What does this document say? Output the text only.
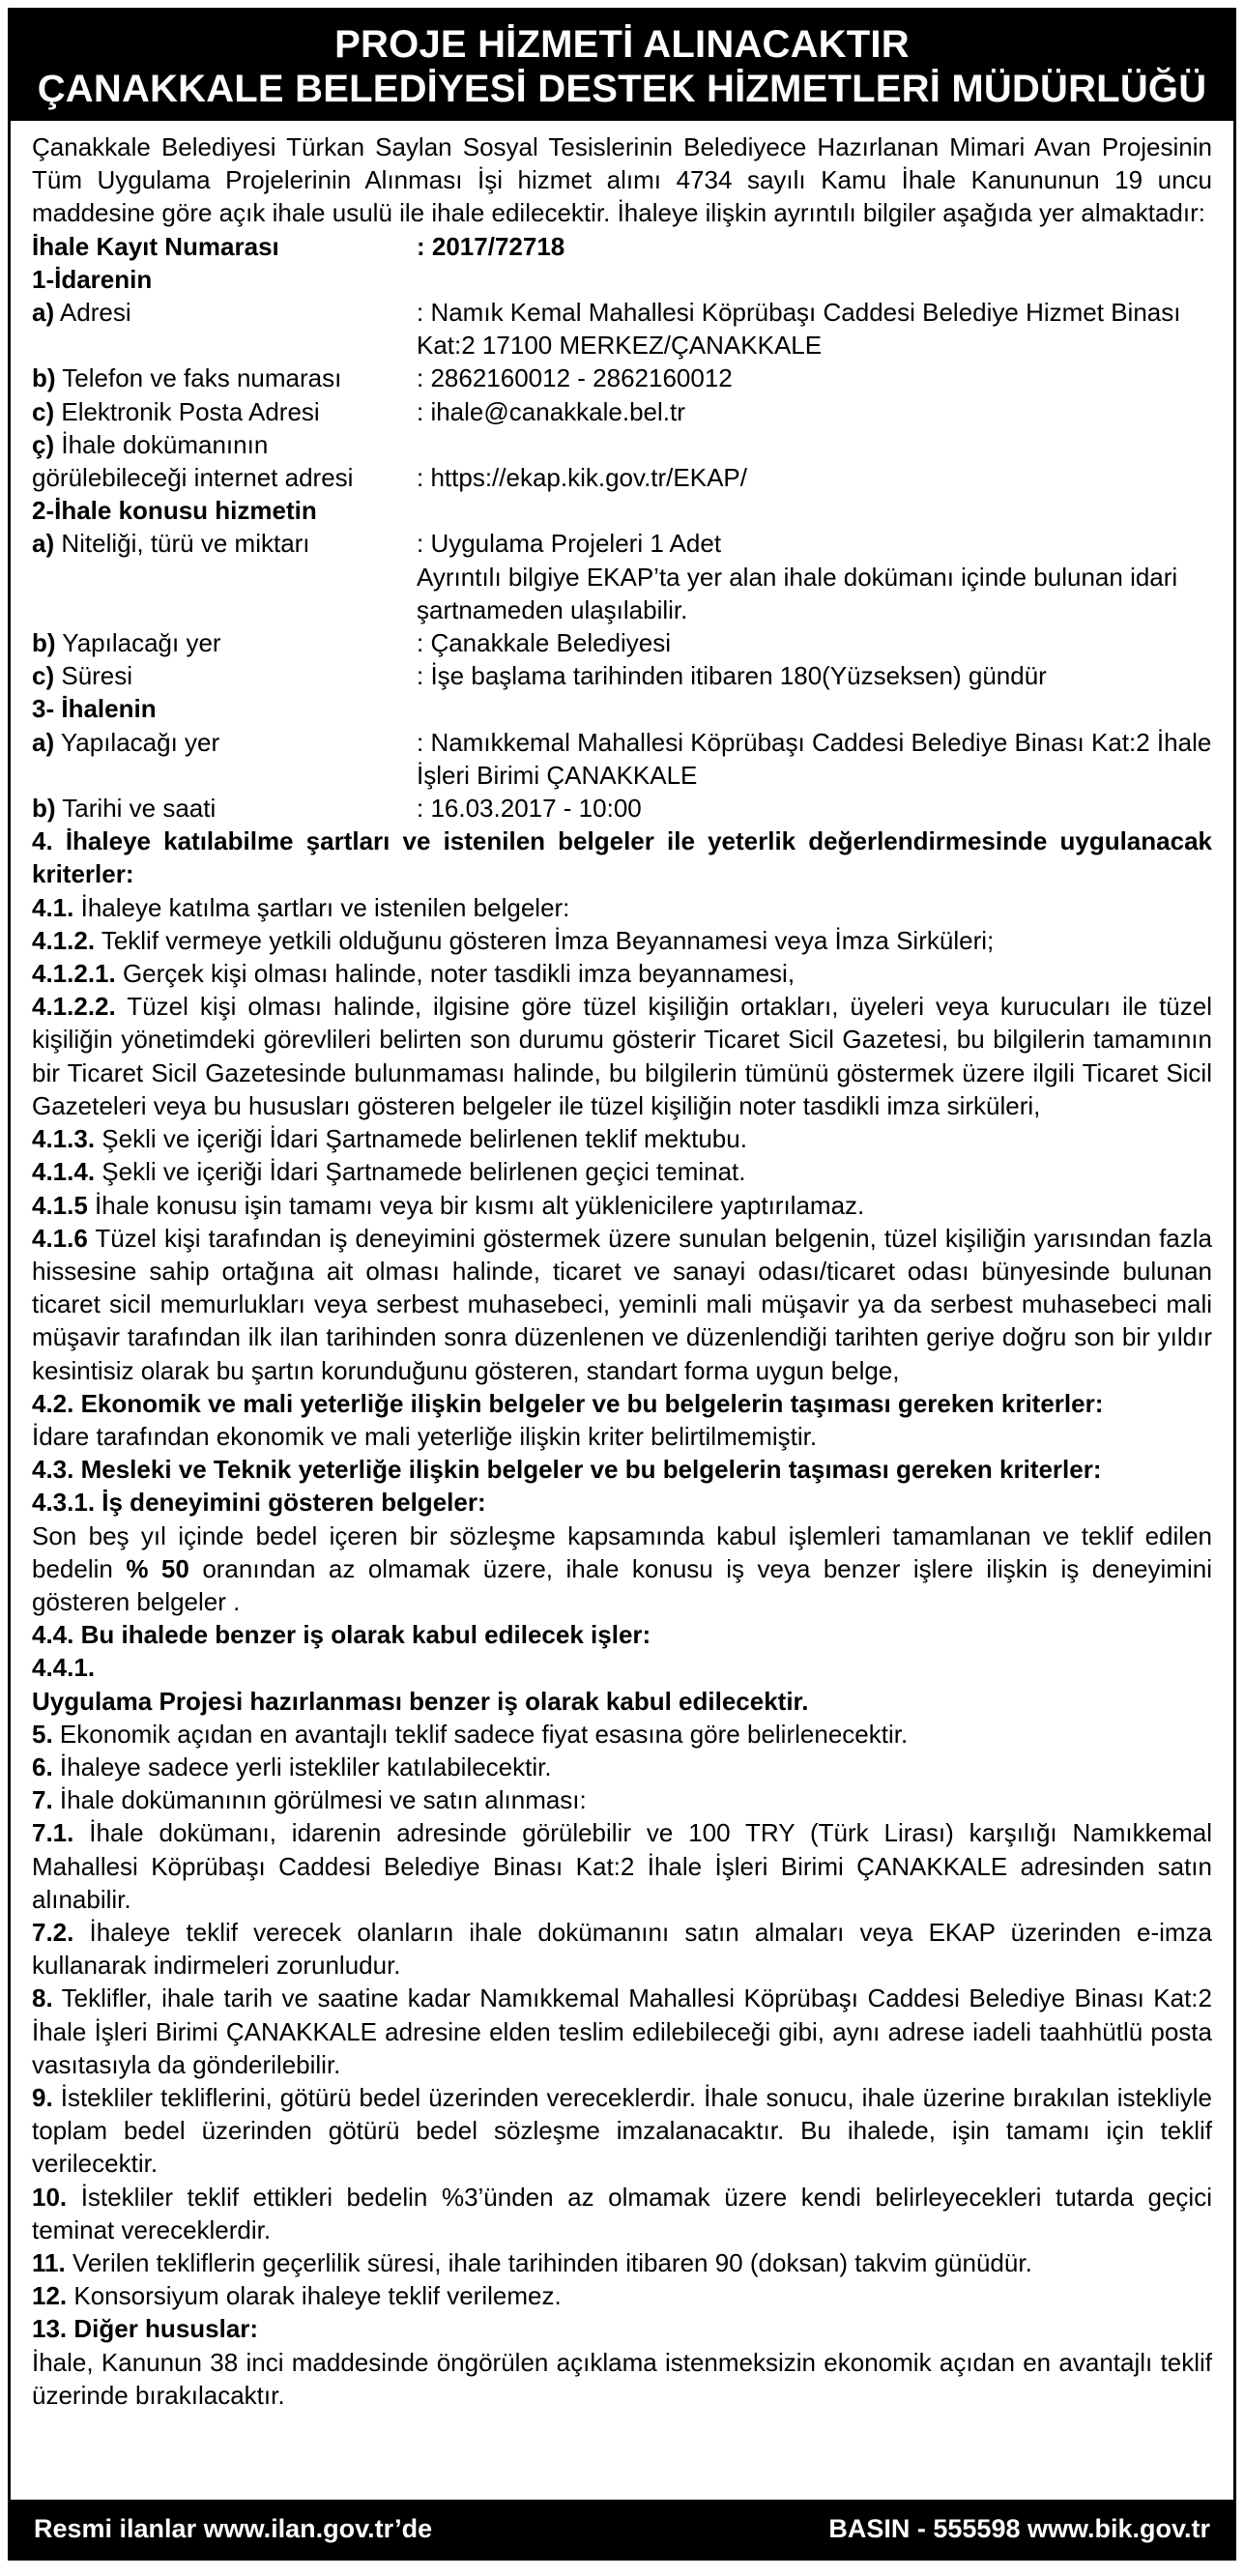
PROJE HİZMETİ ALINACAKTIR
ÇANAKKALE BELEDİYESİ DESTEK HİZMETLERİ MÜDÜRLÜĞÜ

Çanakkale Belediyesi Türkan Saylan Sosyal Tesislerinin Belediyece Hazırlanan Mimari Avan Projesinin Tüm Uygulama Projelerinin Alınması İşi hizmet alımı 4734 sayılı Kamu İhale Kanununun 19 uncu maddesine göre açık ihale usulü ile ihale edilecektir. İhaleye ilişkin ayrıntılı bilgiler aşağıda yer almaktadır:

İhale Kayıt Numarası	: 2017/72718
1-İdarenin
a) Adresi	: Namık Kemal Mahallesi Köprübaşı Caddesi Belediye Hizmet Binası Kat:2 17100 MERKEZ/ÇANAKKALE
b) Telefon ve faks numarası	: 2862160012 - 2862160012
c) Elektronik Posta Adresi	: ihale@canakkale.bel.tr
ç) İhale dokümanının
görülebileceği internet adresi	: https://ekap.kik.gov.tr/EKAP/
2-İhale konusu hizmetin
a) Niteliği, türü ve miktarı	: Uygulama Projeleri 1 Adet
Ayrıntılı bilgiye EKAP’ta yer alan ihale dokümanı içinde bulunan idari şartnameden ulaşılabilir.
b) Yapılacağı yer	: Çanakkale Belediyesi
c) Süresi	: İşe başlama tarihinden itibaren 180(Yüzseksen) gündür
3- İhalenin
a) Yapılacağı yer	: Namıkkemal Mahallesi Köprübaşı Caddesi Belediye Binası Kat:2 İhale İşleri Birimi ÇANAKKALE
b) Tarihi ve saati	: 16.03.2017 - 10:00

4. İhaleye katılabilme şartları ve istenilen belgeler ile yeterlik değerlendirmesinde uygulanacak kriterler:

4.1. İhaleye katılma şartları ve istenilen belgeler:

4.1.2. Teklif vermeye yetkili olduğunu gösteren İmza Beyannamesi veya İmza Sirküleri;

4.1.2.1. Gerçek kişi olması halinde, noter tasdikli imza beyannamesi,

4.1.2.2. Tüzel kişi olması halinde, ilgisine göre tüzel kişiliğin ortakları, üyeleri veya kurucuları ile tüzel kişiliğin yönetimdeki görevlileri belirten son durumu gösterir Ticaret Sicil Gazetesi, bu bilgilerin tamamının bir Ticaret Sicil Gazetesinde bulunmaması halinde, bu bilgilerin tümünü göstermek üzere ilgili Ticaret Sicil Gazeteleri veya bu hususları gösteren belgeler ile tüzel kişiliğin noter tasdikli imza sirküleri,

4.1.3. Şekli ve içeriği İdari Şartnamede belirlenen teklif mektubu.

4.1.4. Şekli ve içeriği İdari Şartnamede belirlenen geçici teminat.

4.1.5 İhale konusu işin tamamı veya bir kısmı alt yüklenicilere yaptırılamaz.

4.1.6 Tüzel kişi tarafından iş deneyimini göstermek üzere sunulan belgenin, tüzel kişiliğin yarısından fazla hissesine sahip ortağına ait olması halinde, ticaret ve sanayi odası/ticaret odası bünyesinde bulunan ticaret sicil memurlukları veya serbest muhasebeci, yeminli mali müşavir ya da serbest muhasebeci mali müşavir tarafından ilk ilan tarihinden sonra düzenlenen ve düzenlendiği tarihten geriye doğru son bir yıldır kesintisiz olarak bu şartın korunduğunu gösteren, standart forma uygun belge,

4.2. Ekonomik ve mali yeterliğe ilişkin belgeler ve bu belgelerin taşıması gereken kriterler:

İdare tarafından ekonomik ve mali yeterliğe ilişkin kriter belirtilmemiştir.

4.3. Mesleki ve Teknik yeterliğe ilişkin belgeler ve bu belgelerin taşıması gereken kriterler:

4.3.1. İş deneyimini gösteren belgeler:

Son beş yıl içinde bedel içeren bir sözleşme kapsamında kabul işlemleri tamamlanan ve teklif edilen bedelin % 50 oranından az olmamak üzere, ihale konusu iş veya benzer işlere ilişkin iş deneyimini gösteren belgeler .

4.4. Bu ihalede benzer iş olarak kabul edilecek işler:

4.4.1.

Uygulama Projesi hazırlanması benzer iş olarak kabul edilecektir.

5. Ekonomik açıdan en avantajlı teklif sadece fiyat esasına göre belirlenecektir.

6. İhaleye sadece yerli istekliler katılabilecektir.

7. İhale dokümanının görülmesi ve satın alınması:

7.1. İhale dokümanı, idarenin adresinde görülebilir ve 100 TRY (Türk Lirası) karşılığı Namıkkemal Mahallesi Köprübaşı Caddesi Belediye Binası Kat:2 İhale İşleri Birimi ÇANAKKALE adresinden satın alınabilir.

7.2. İhaleye teklif verecek olanların ihale dokümanını satın almaları veya EKAP üzerinden e-imza kullanarak indirmeleri zorunludur.

8. Teklifler, ihale tarih ve saatine kadar Namıkkemal Mahallesi Köprübaşı Caddesi Belediye Binası Kat:2 İhale İşleri Birimi ÇANAKKALE adresine elden teslim edilebileceği gibi, aynı adrese iadeli taahhütlü posta vasıtasıyla da gönderilebilir.

9. İstekliler tekliflerini, götürü bedel üzerinden vereceklerdir. İhale sonucu, ihale üzerine bırakılan istekliyle toplam bedel üzerinden götürü bedel sözleşme imzalanacaktır. Bu ihalede, işin tamamı için teklif verilecektir.

10. İstekliler teklif ettikleri bedelin %3’ünden az olmamak üzere kendi belirleyecekleri tutarda geçici teminat vereceklerdir.

11. Verilen tekliflerin geçerlilik süresi, ihale tarihinden itibaren 90 (doksan) takvim günüdür.

12. Konsorsiyum olarak ihaleye teklif verilemez.

13. Diğer hususlar:

İhale, Kanunun 38 inci maddesinde öngörülen açıklama istenmeksizin ekonomik açıdan en avantajlı teklif üzerinde bırakılacaktır.

Resmi ilanlar www.ilan.gov.tr’de	BASIN - 555598 www.bik.gov.tr
